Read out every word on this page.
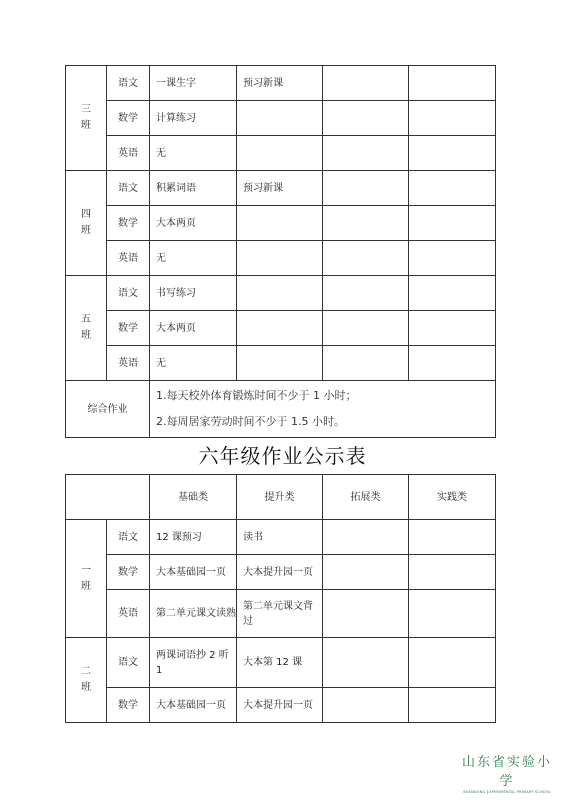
三
班	语文	一课生字	预习新课		
	数学	计算练习			
	英语	无			

四
班	语文	积累词语	预习新课		
	数学	大本两页			
	英语	无			

五
班	语文	书写练习			
	数学	大本两页			
	英语	无			
综合作业		1.每天校外体育锻炼时间不少于 1 小时；
2.每周居家劳动时间不少于 1.5 小时。			
六年级作业公示表
		基础类	提升类	拓展类	实践类

一
班	语文	12 课预习	读书		
	数学	大本基础园一页	大本提升园一页		
	英语	第二单元课文读熟	第二单元课文背过		

二
班	语文	两课词语抄 2 听 1	大本第 12 课		
	数学	大本基础园一页	大本提升园一页		
山东省实验小学
SHANDONG EXPERIMENTAL PRIMARY SCHOOL
